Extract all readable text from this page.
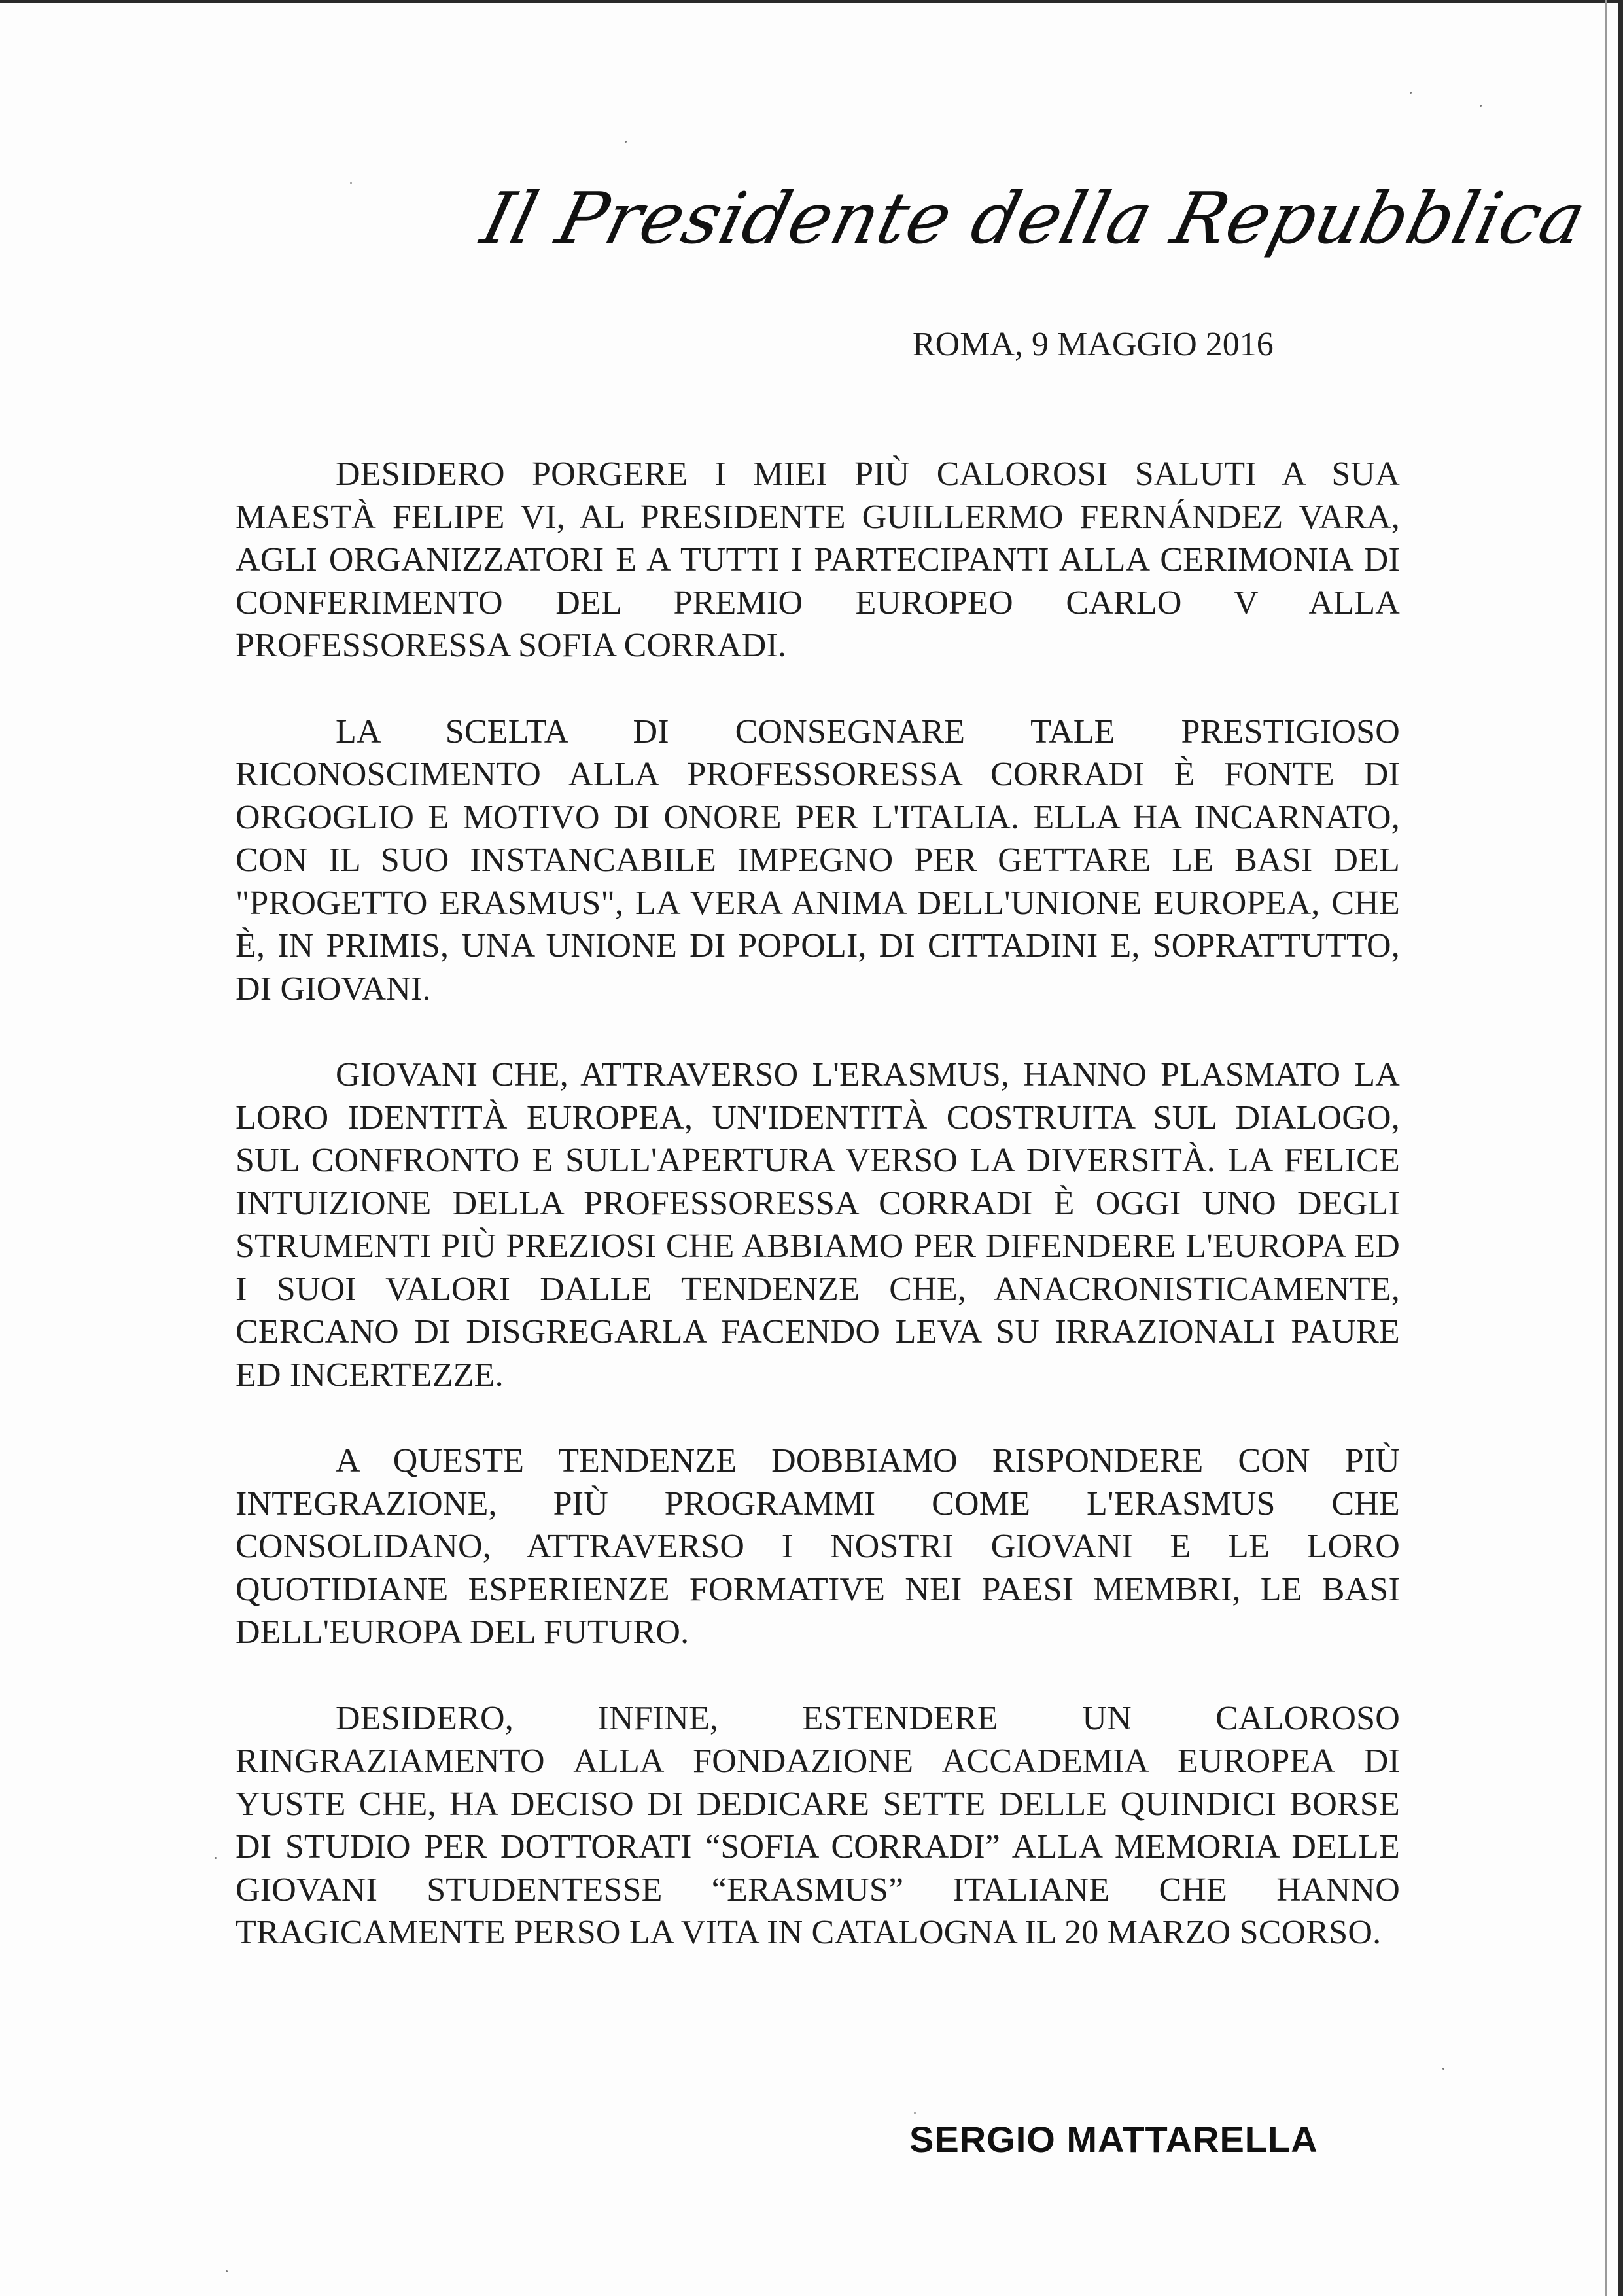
Il Presidente della Repubblica
ROMA, 9 MAGGIO 2016

DESIDERO PORGERE I MIEI PIÙ CALOROSI SALUTI A SUA MAESTÀ FELIPE VI, AL PRESIDENTE GUILLERMO FERNÁNDEZ VARA, AGLI ORGANIZZATORI E A TUTTI I PARTECIPANTI ALLA CERIMONIA DI CONFERIMENTO DEL PREMIO EUROPEO CARLO V ALLA PROFESSORESSA SOFIA CORRADI.

LA SCELTA DI CONSEGNARE TALE PRESTIGIOSO RICONOSCIMENTO ALLA PROFESSORESSA CORRADI È FONTE DI ORGOGLIO E MOTIVO DI ONORE PER L'ITALIA. ELLA HA INCARNATO, CON IL SUO INSTANCABILE IMPEGNO PER GETTARE LE BASI DEL "PROGETTO ERASMUS", LA VERA ANIMA DELL'UNIONE EUROPEA, CHE È, IN PRIMIS, UNA UNIONE DI POPOLI, DI CITTADINI E, SOPRATTUTTO, DI GIOVANI.

GIOVANI CHE, ATTRAVERSO L'ERASMUS, HANNO PLASMATO LA LORO IDENTITÀ EUROPEA, UN'IDENTITÀ COSTRUITA SUL DIALOGO, SUL CONFRONTO E SULL'APERTURA VERSO LA DIVERSITÀ. LA FELICE INTUIZIONE DELLA PROFESSORESSA CORRADI È OGGI UNO DEGLI STRUMENTI PIÙ PREZIOSI CHE ABBIAMO PER DIFENDERE L'EUROPA ED I SUOI VALORI DALLE TENDENZE CHE, ANACRONISTICAMENTE, CERCANO DI DISGREGARLA FACENDO LEVA SU IRRAZIONALI PAURE ED INCERTEZZE.

A QUESTE TENDENZE DOBBIAMO RISPONDERE CON PIÙ INTEGRAZIONE, PIÙ PROGRAMMI COME L'ERASMUS CHE CONSOLIDANO, ATTRAVERSO I NOSTRI GIOVANI E LE LORO QUOTIDIANE ESPERIENZE FORMATIVE NEI PAESI MEMBRI, LE BASI DELL'EUROPA DEL FUTURO.

DESIDERO, INFINE, ESTENDERE UN CALOROSO RINGRAZIAMENTO ALLA FONDAZIONE ACCADEMIA EUROPEA DI YUSTE CHE, HA DECISO DI DEDICARE SETTE DELLE QUINDICI BORSE DI STUDIO PER DOTTORATI “SOFIA CORRADI” ALLA MEMORIA DELLE GIOVANI STUDENTESSE “ERASMUS” ITALIANE CHE HANNO TRAGICAMENTE PERSO LA VITA IN CATALOGNA IL 20 MARZO SCORSO.

SERGIO MATTARELLA
